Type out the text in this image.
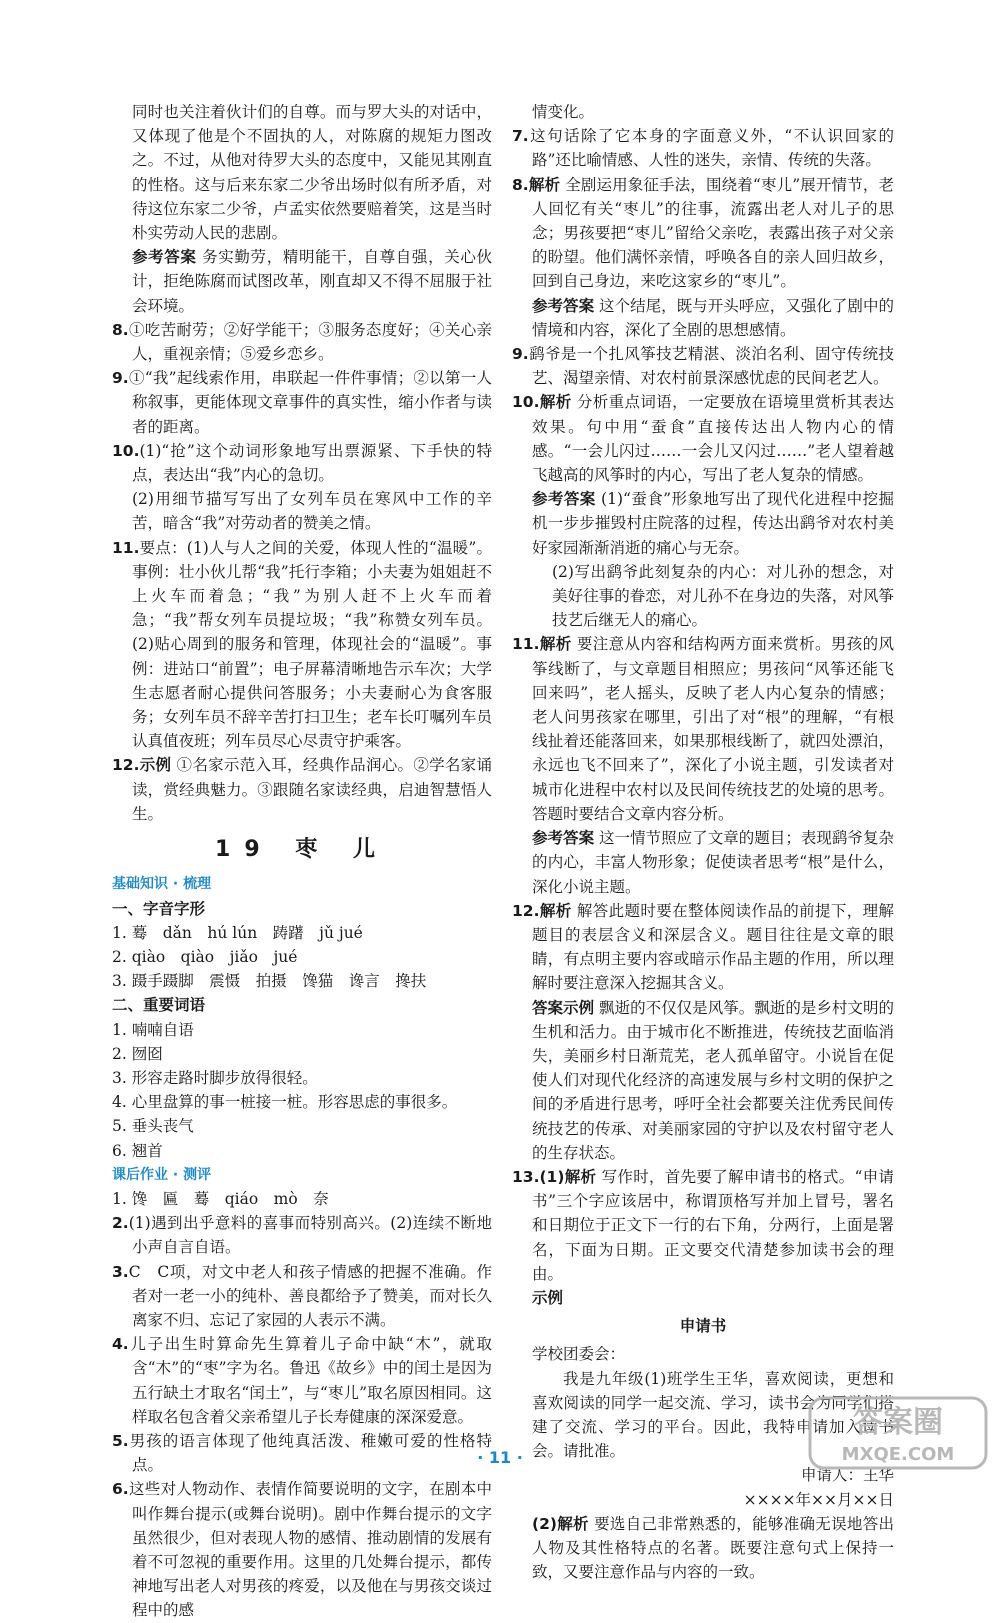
同时也关注着伙计们的自尊。而与罗大头的对话中，又体现了他是个不固执的人，对陈腐的规矩力图改之。不过，从他对待罗大头的态度中，又能见其刚直的性格。这与后来东家二少爷出场时似有所矛盾，对待这位东家二少爷，卢孟实依然要赔着笑，这是当时朴实劳动人民的悲剧。

参考答案 务实勤劳，精明能干，自尊自强，关心伙计，拒绝陈腐而试图改革，刚直却又不得不屈服于社会环境。

8.①吃苦耐劳；②好学能干；③服务态度好；④关心亲人，重视亲情；⑤爱乡恋乡。

9.①“我”起线索作用，串联起一件件事情；②以第一人称叙事，更能体现文章事件的真实性，缩小作者与读者的距离。

10.(1)“抢”这个动词形象地写出票源紧、下手快的特点，表达出“我”内心的急切。

(2)用细节描写写出了女列车员在寒风中工作的辛苦，暗含“我”对劳动者的赞美之情。

11.要点：(1)人与人之间的关爱，体现人性的“温暖”。事例：壮小伙儿帮“我”托行李箱；小夫妻为姐姐赶不上火车而着急；“我”为别人赶不上火车而着急；“我”帮女列车员提垃圾；“我”称赞女列车员。(2)贴心周到的服务和管理，体现社会的“温暖”。事例：进站口“前置”；电子屏幕清晰地告示车次；大学生志愿者耐心提供问答服务；小夫妻耐心为食客服务；女列车员不辞辛苦打扫卫生；老车长叮嘱列车员认真值夜班；列车员尽心尽责守护乘客。

12.示例 ①名家示范入耳，经典作品润心。②学名家诵读，赏经典魅力。③跟随名家读经典，启迪智慧悟人生。

19 枣 儿

基础知识 · 梳理

一、字音字形

1. 蓦　dǎn　hú lún　踌躇　jǔ jué

2. qiào　qiào　jiǎo　jué

3. 蹑手蹑脚　震慑　拍摄　馋猫　谗言　搀扶

二、重要词语

1. 喃喃自语

2. 囫囵

3. 形容走路时脚步放得很轻。

4. 心里盘算的事一桩接一桩。形容思虑的事很多。

5. 垂头丧气

6. 翘首

课后作业 · 测评

1. 馋　匾　蓦　qiáo　mò　奈

2.(1)遇到出乎意料的喜事而特别高兴。(2)连续不断地小声自言自语。

3.C　C项，对文中老人和孩子情感的把握不准确。作者对一老一小的纯朴、善良都给予了赞美，而对长久离家不归、忘记了家园的人表示不满。

4.儿子出生时算命先生算着儿子命中缺“木”，就取含“木”的“枣”字为名。鲁迅《故乡》中的闰土是因为五行缺土才取名“闰土”，与“枣儿”取名原因相同。这样取名包含着父亲希望儿子长寿健康的深深爱意。

5.男孩的语言体现了他纯真活泼、稚嫩可爱的性格特点。

6.这些对人物动作、表情作简要说明的文字，在剧本中叫作舞台提示(或舞台说明)。剧中作舞台提示的文字虽然很少，但对表现人物的感情、推动剧情的发展有着不可忽视的重要作用。这里的几处舞台提示，都传神地写出老人对男孩的疼爱，以及他在与男孩交谈过程中的感

情变化。

7.这句话除了它本身的字面意义外，“不认识回家的路”还比喻情感、人性的迷失，亲情、传统的失落。

8.解析 全剧运用象征手法，围绕着“枣儿”展开情节，老人回忆有关“枣儿”的往事，流露出老人对儿子的思念；男孩要把“枣儿”留给父亲吃，表露出孩子对父亲的盼望。他们满怀亲情，呼唤各自的亲人回归故乡，回到自己身边，来吃这家乡的“枣儿”。

参考答案 这个结尾，既与开头呼应，又强化了剧中的情境和内容，深化了全剧的思想感情。

9.鹞爷是一个扎风筝技艺精湛、淡泊名利、固守传统技艺、渴望亲情、对农村前景深感忧虑的民间老艺人。

10.解析 分析重点词语，一定要放在语境里赏析其表达效果。句中用“蚕食”直接传达出人物内心的情感。“一会儿闪过……一会儿又闪过……”老人望着越飞越高的风筝时的内心，写出了老人复杂的情感。

参考答案 (1)“蚕食”形象地写出了现代化进程中挖掘机一步步摧毁村庄院落的过程，传达出鹞爷对农村美好家园渐渐消逝的痛心与无奈。

(2)写出鹞爷此刻复杂的内心：对儿孙的想念，对美好往事的眷恋，对儿孙不在身边的失落，对风筝技艺后继无人的痛心。

11.解析 要注意从内容和结构两方面来赏析。男孩的风筝线断了，与文章题目相照应；男孩问“风筝还能飞回来吗”，老人摇头，反映了老人内心复杂的情感；老人问男孩家在哪里，引出了对“根”的理解，“有根线扯着还能落回来，如果那根线断了，就四处漂泊，永远也飞不回来了”，深化了小说主题，引发读者对城市化进程中农村以及民间传统技艺的处境的思考。答题时要结合文章内容分析。

参考答案 这一情节照应了文章的题目；表现鹞爷复杂的内心，丰富人物形象；促使读者思考“根”是什么，深化小说主题。

12.解析 解答此题时要在整体阅读作品的前提下，理解题目的表层含义和深层含义。题目往往是文章的眼睛，有点明主要内容或暗示作品主题的作用，所以理解时要注意深入挖掘其含义。

答案示例 飘逝的不仅仅是风筝。飘逝的是乡村文明的生机和活力。由于城市化不断推进，传统技艺面临消失，美丽乡村日渐荒芜，老人孤单留守。小说旨在促使人们对现代化经济的高速发展与乡村文明的保护之间的矛盾进行思考，呼吁全社会都要关注优秀民间传统技艺的传承、对美丽家园的守护以及农村留守老人的生存状态。

13.(1)解析 写作时，首先要了解申请书的格式。“申请书”三个字应该居中，称谓顶格写并加上冒号，署名和日期位于正文下一行的右下角，分两行，上面是署名，下面为日期。正文要交代清楚参加读书会的理由。

示例

申请书

学校团委会：

我是九年级(1)班学生王华，喜欢阅读，更想和喜欢阅读的同学一起交流、学习，读书会为同学们搭建了交流、学习的平台。因此，我特申请加入读书会。请批准。

申请人：王华

××××年××月××日

(2)解析 要选自己非常熟悉的，能够准确无误地答出人物及其性格特点的名著。既要注意句式上保持一致，又要注意作品与内容的一致。

· 11 ·
答案圈 MXQE.COM
